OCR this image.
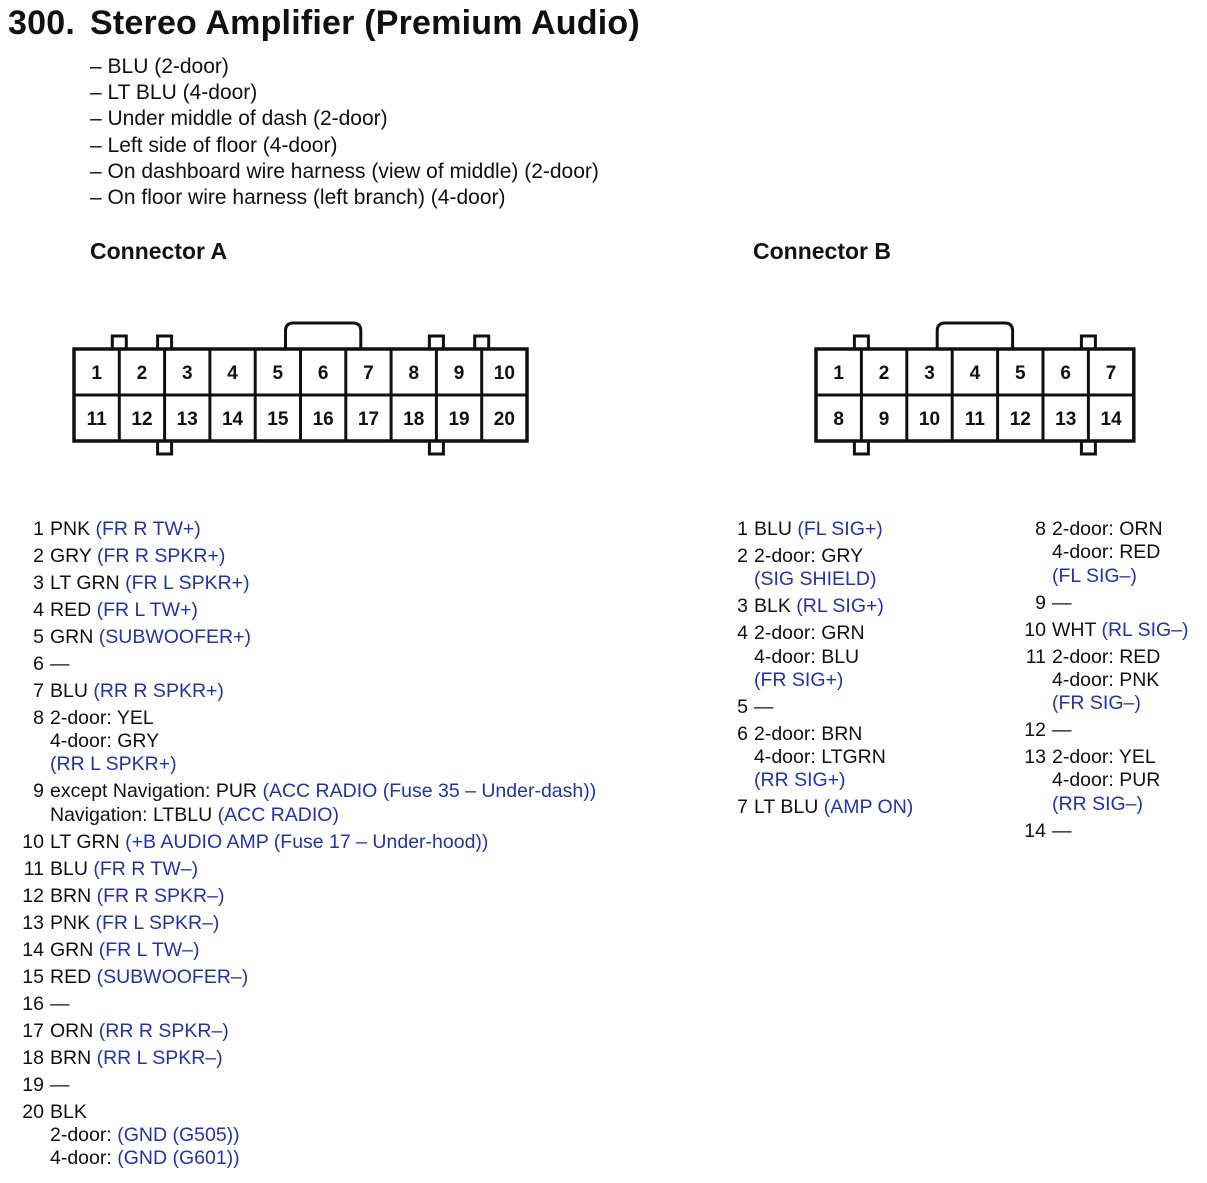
300. Stereo Amplifier (Premium Audio)
– BLU (2-door)
– LT BLU (4-door)
– Under middle of dash (2-door)
– Left side of floor (4-door)
– On dashboard wire harness (view of middle) (2-door)
– On floor wire harness (left branch) (4-door)
Connector A	Connector B
1 2 3 4 5 6 7 8 9 10
11 12 13 14 15 16 17 18 19 20
1 2 3 4 5 6 7
8 9 10 11 12 13 14
1 PNK (FR R TW+)
2 GRY (FR R SPKR+)
3 LT GRN (FR L SPKR+)
4 RED (FR L TW+)
5 GRN (SUBWOOFER+)
6 —
7 BLU (RR R SPKR+)
8 2-door: YEL
4-door: GRY
(RR L SPKR+)
9 except Navigation: PUR (ACC RADIO (Fuse 35 – Under-dash))
Navigation: LTBLU (ACC RADIO)
10 LT GRN (+B AUDIO AMP (Fuse 17 – Under-hood))
11 BLU (FR R TW–)
12 BRN (FR R SPKR–)
13 PNK (FR L SPKR–)
14 GRN (FR L TW–)
15 RED (SUBWOOFER–)
16 —
17 ORN (RR R SPKR–)
18 BRN (RR L SPKR–)
19 —
20 BLK
2-door: (GND (G505))
4-door: (GND (G601))
1 BLU (FL SIG+)
2 2-door: GRY
(SIG SHIELD)
3 BLK (RL SIG+)
4 2-door: GRN
4-door: BLU
(FR SIG+)
5 —
6 2-door: BRN
4-door: LTGRN
(RR SIG+)
7 LT BLU (AMP ON)
8 2-door: ORN
4-door: RED
(FL SIG–)
9 —
10 WHT (RL SIG–)
11 2-door: RED
4-door: PNK
(FR SIG–)
12 —
13 2-door: YEL
4-door: PUR
(RR SIG–)
14 —
